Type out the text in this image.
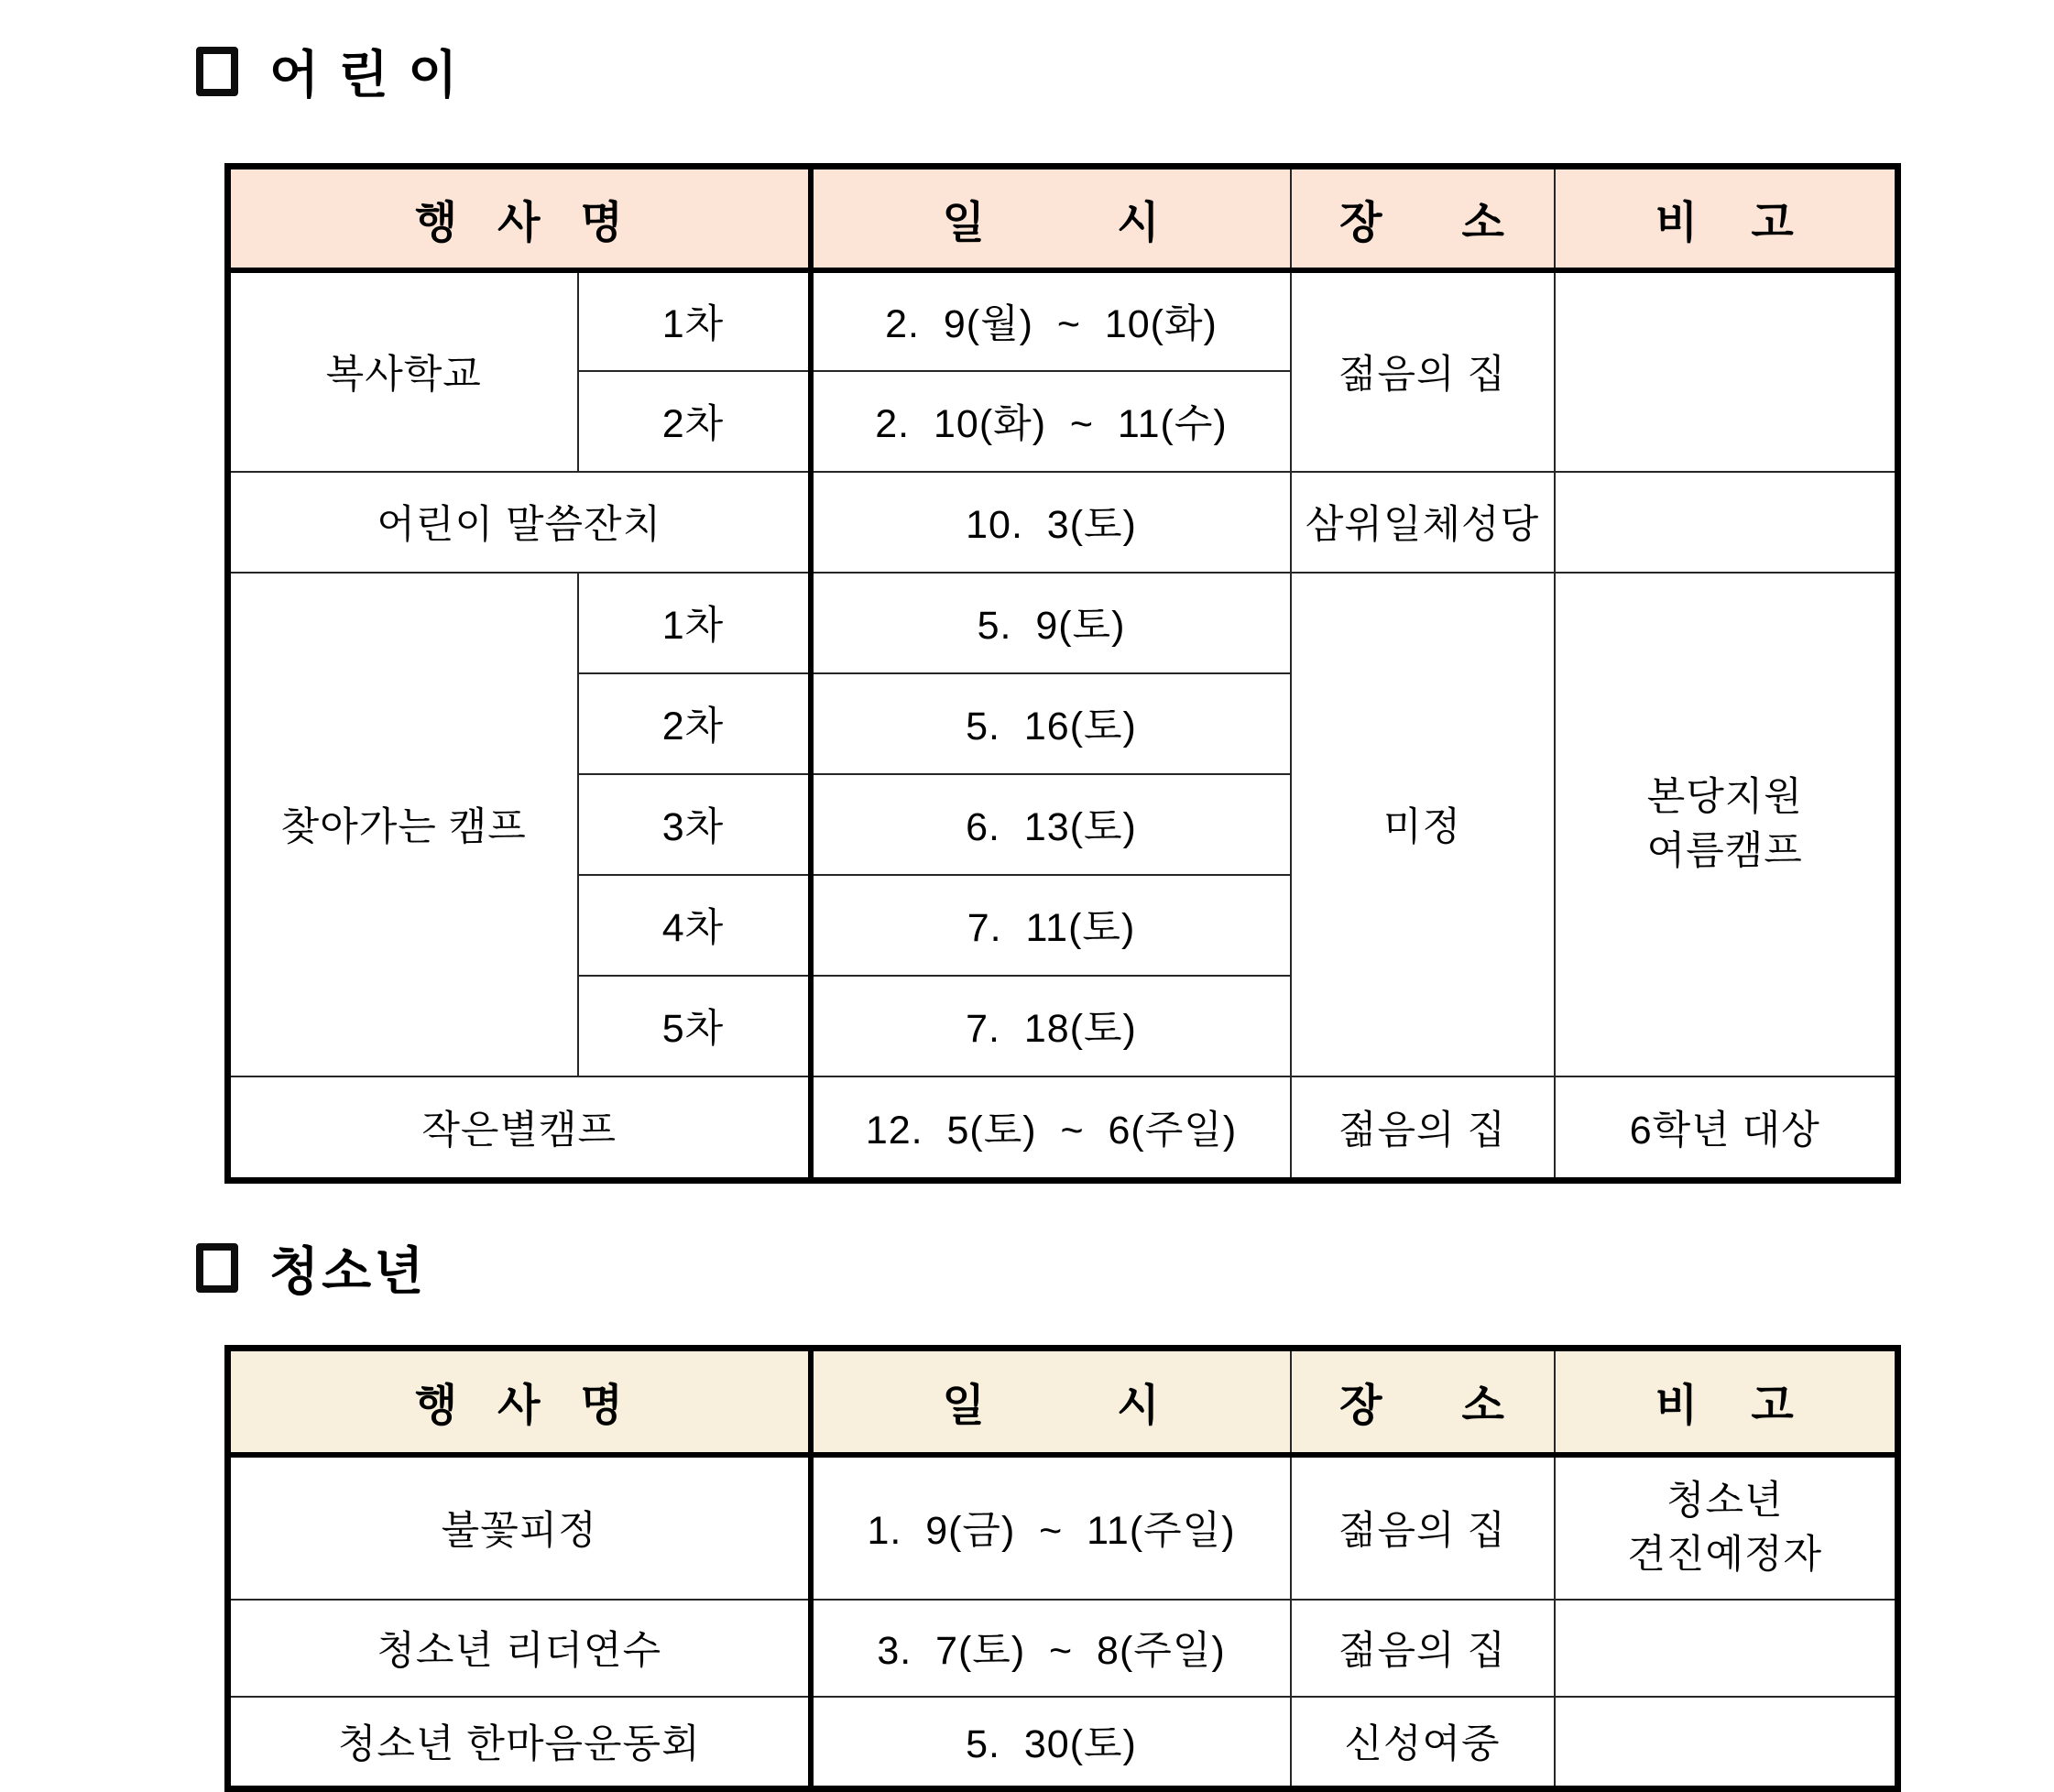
어 린 이
행   사   명		일          시	장      소	비    고
복사학교	1차	2.  9(월)  ~  10(화)	젊음의 집	
	2차	2.  10(화)  ~  11(수)		
어린이 말씀잔치		10.  3(토)	삼위일체성당	
찾아가는 캠프	1차	5.  9(토)	미정	본당지원
여름캠프

	2차	5.  16(토)		
	3차	6.  13(토)		
	4차	7.  11(토)		
	5차	7.  18(토)		
작은별캠프		12.  5(토)  ~  6(주일)	젊음의 집	6학년 대상
청소년
행   사   명	일          시	장      소	비    고
불꽃피정	1.  9(금)  ~  11(주일)	젊음의 집	청소년
견진예정자

청소년 리더연수	3.  7(토)  ~  8(주일)	젊음의 집	
청소년 한마음운동회	5.  30(토)	신성여중	
